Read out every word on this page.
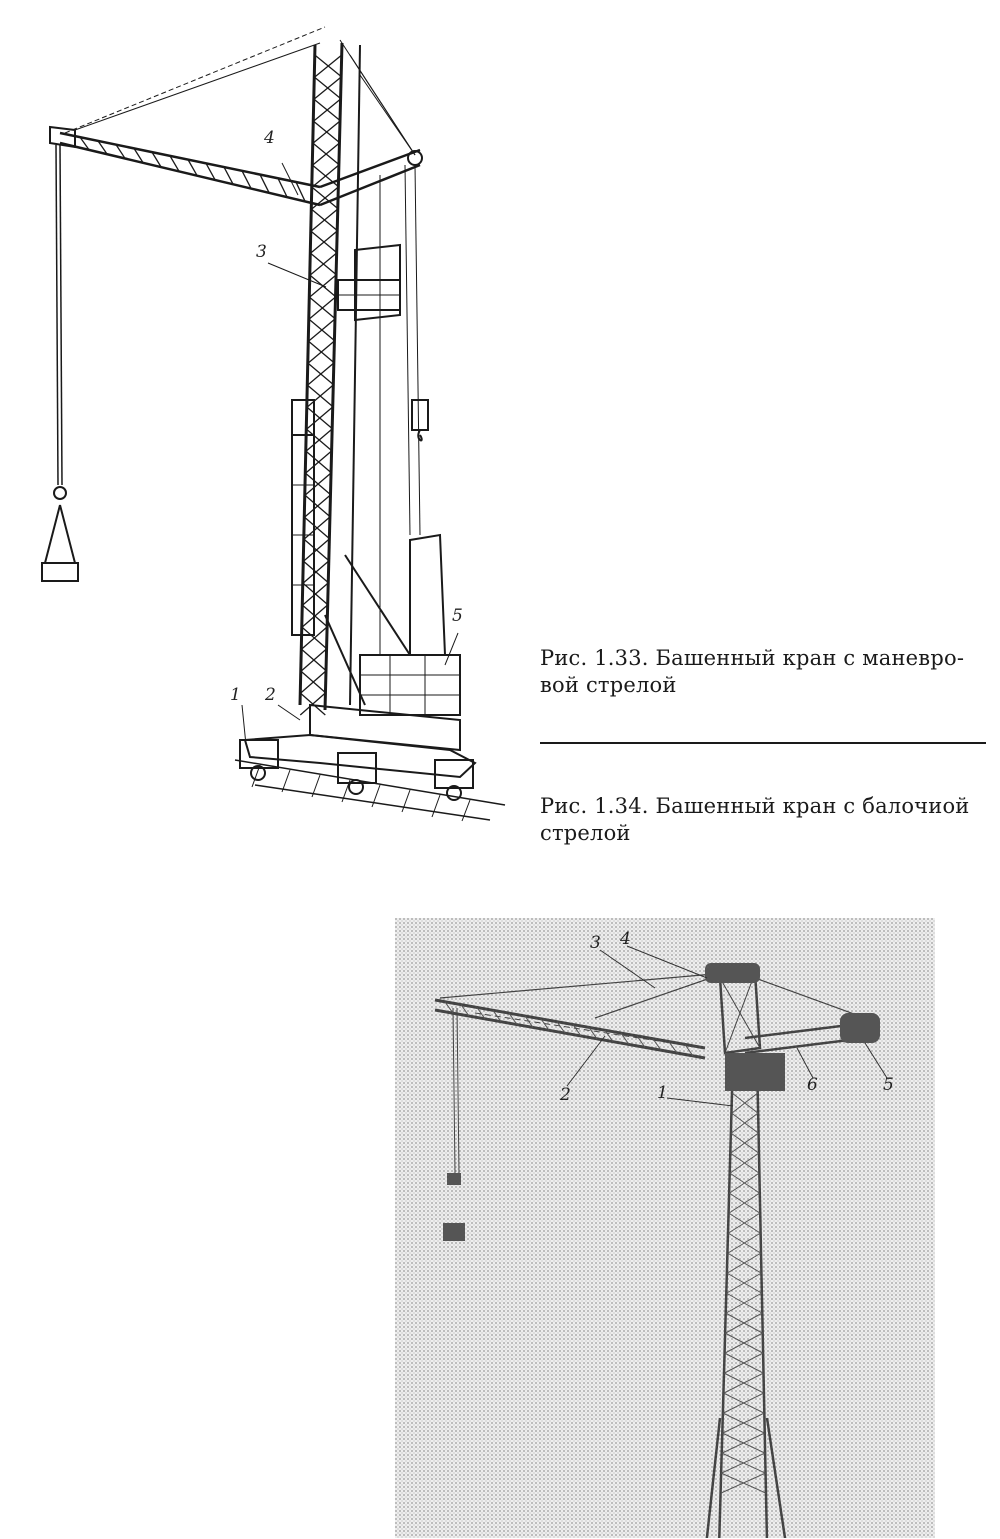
4
3
2
1
5
Рис. 1.33. Башенный кран с маневро-
вой стрелой
Рис. 1.34. Башенный кран с балочиой
стрелой
3 4
2	1	6	5
